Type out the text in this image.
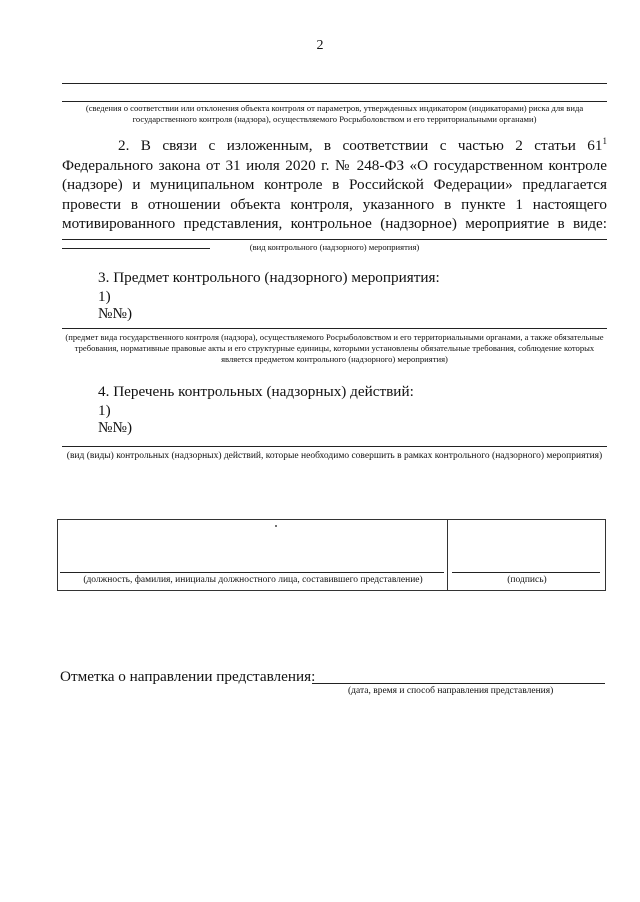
2
(сведения о соответствии или отклонения объекта контроля от параметров, утвержденных индикатором (индикаторами) риска для вида государственного контроля (надзора), осуществляемого Росрыболовством и его территориальными органами)
2. В связи с изложенным, в соответствии с частью 2 статьи $61^1$ Федерального закона от 31 июля 2020 г. № 248-ФЗ «О государственном контроле (надзоре) и муниципальном контроле в Российской Федерации» предлагается провести в отношении объекта контроля, указанного в пункте 1 настоящего мотивированного представления, контрольное (надзорное) мероприятие в виде:
(вид контрольного (надзорного) мероприятия)
3. Предмет контрольного (надзорного) мероприятия:
1)
№№)
(предмет вида государственного контроля (надзора), осуществляемого Росрыболовством и его территориальными органами, а также обязательные требования, нормативные правовые акты и его структурные единицы, которыми установлены обязательные требования, соблюдение которых является предметом контрольного (надзорного) мероприятия)
4. Перечень контрольных (надзорных) действий:
1)
№№)
(вид (виды) контрольных (надзорных) действий, которые необходимо совершить в рамках контрольного (надзорного) мероприятия)
(должность, фамилия, инициалы должностного лица, составившего представление)	(подпись)
Отметка о направлении представления:
(дата, время и способ направления представления)
